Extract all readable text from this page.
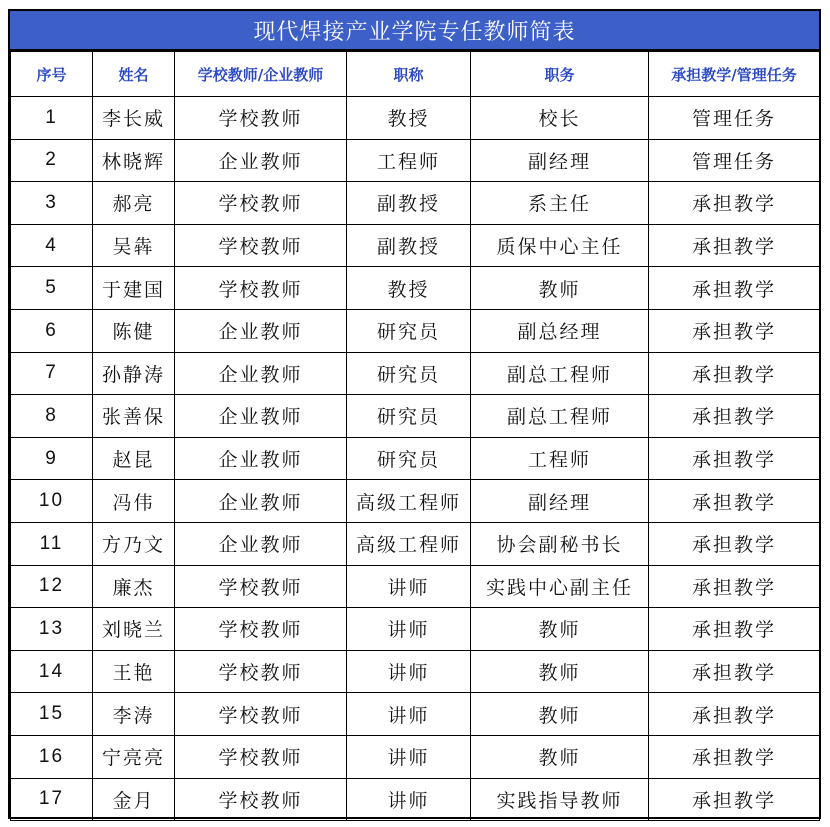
现代焊接产业学院专任教师简表
序号	姓名	学校教师/企业教师	职称	职务	承担教学/管理任务
1	李长威	学校教师	教授	校长	管理任务
2	林晓辉	企业教师	工程师	副经理	管理任务
3	郝亮	学校教师	副教授	系主任	承担教学
4	吴犇	学校教师	副教授	质保中心主任	承担教学
5	于建国	学校教师	教授	教师	承担教学
6	陈健	企业教师	研究员	副总经理	承担教学
7	孙静涛	企业教师	研究员	副总工程师	承担教学
8	张善保	企业教师	研究员	副总工程师	承担教学
9	赵昆	企业教师	研究员	工程师	承担教学
10	冯伟	企业教师	高级工程师	副经理	承担教学
11	方乃文	企业教师	高级工程师	协会副秘书长	承担教学
12	廉杰	学校教师	讲师	实践中心副主任	承担教学
13	刘晓兰	学校教师	讲师	教师	承担教学
14	王艳	学校教师	讲师	教师	承担教学
15	李涛	学校教师	讲师	教师	承担教学
16	宁亮亮	学校教师	讲师	教师	承担教学
17	金月	学校教师	讲师	实践指导教师	承担教学
